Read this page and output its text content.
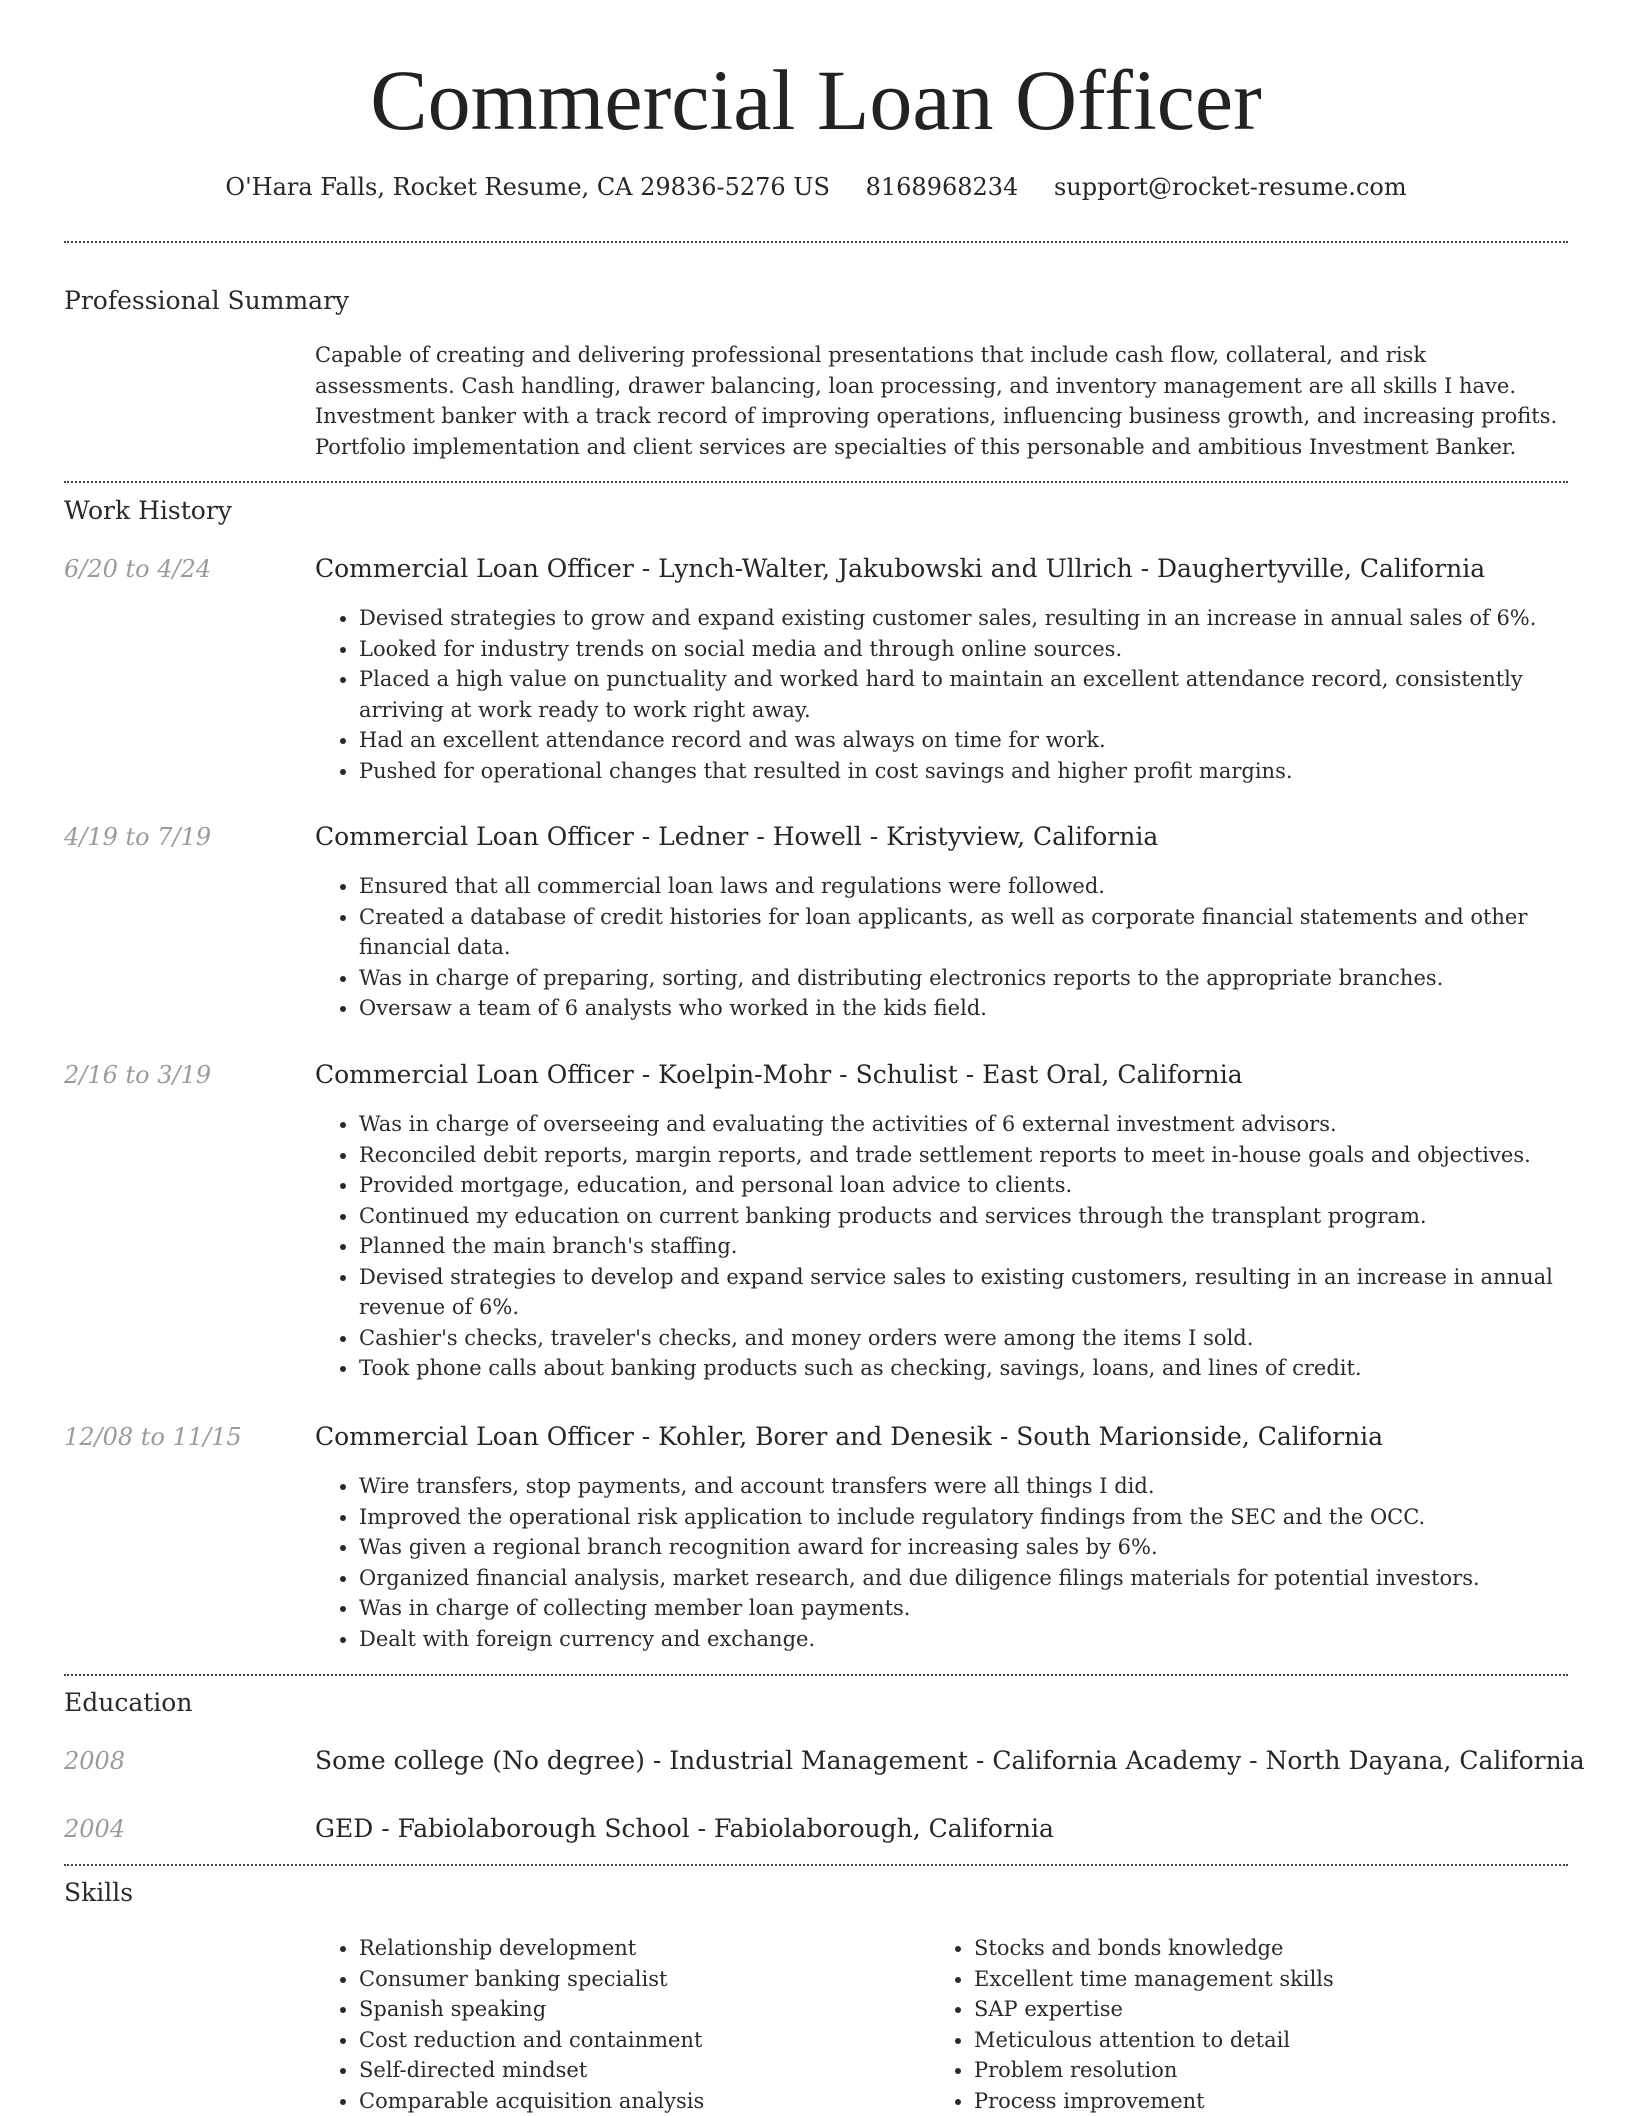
Commercial Loan Officer
O'Hara Falls, Rocket Resume, CA 29836-5276 US 8168968234 support@rocket-resume.com
Professional Summary

Capable of creating and delivering professional presentations that include cash flow, collateral, and risk assessments. Cash handling, drawer balancing, loan processing, and inventory management are all skills I have. Investment banker with a track record of improving operations, influencing business growth, and increasing profits. Portfolio implementation and client services are specialties of this personable and ambitious Investment Banker.

Work History
6/20 to 4/24	Commercial Loan Officer - Lynch-Walter, Jakubowski and Ullrich - Daughertyville, California
• Devised strategies to grow and expand existing customer sales, resulting in an increase in annual sales of 6%.
• Looked for industry trends on social media and through online sources.
• Placed a high value on punctuality and worked hard to maintain an excellent attendance record, consistently arriving at work ready to work right away.
• Had an excellent attendance record and was always on time for work.
• Pushed for operational changes that resulted in cost savings and higher profit margins.
4/19 to 7/19	Commercial Loan Officer - Ledner - Howell - Kristyview, California
• Ensured that all commercial loan laws and regulations were followed.
• Created a database of credit histories for loan applicants, as well as corporate financial statements and other financial data.
• Was in charge of preparing, sorting, and distributing electronics reports to the appropriate branches.
• Oversaw a team of 6 analysts who worked in the kids field.
2/16 to 3/19	Commercial Loan Officer - Koelpin-Mohr - Schulist - East Oral, California
• Was in charge of overseeing and evaluating the activities of 6 external investment advisors.
• Reconciled debit reports, margin reports, and trade settlement reports to meet in-house goals and objectives.
• Provided mortgage, education, and personal loan advice to clients.
• Continued my education on current banking products and services through the transplant program.
• Planned the main branch's staffing.
• Devised strategies to develop and expand service sales to existing customers, resulting in an increase in annual revenue of 6%.
• Cashier's checks, traveler's checks, and money orders were among the items I sold.
• Took phone calls about banking products such as checking, savings, loans, and lines of credit.
12/08 to 11/15	Commercial Loan Officer - Kohler, Borer and Denesik - South Marionside, California
• Wire transfers, stop payments, and account transfers were all things I did.
• Improved the operational risk application to include regulatory findings from the SEC and the OCC.
• Was given a regional branch recognition award for increasing sales by 6%.
• Organized financial analysis, market research, and due diligence filings materials for potential investors.
• Was in charge of collecting member loan payments.
• Dealt with foreign currency and exchange.
Education
2008	Some college (No degree) - Industrial Management - California Academy - North Dayana, California
2004	GED - Fabiolaborough School - Fabiolaborough, California
Skills
• Relationship development
• Consumer banking specialist
• Spanish speaking
• Cost reduction and containment
• Self-directed mindset
• Comparable acquisition analysis
• Stocks and bonds knowledge
• Excellent time management skills
• SAP expertise
• Meticulous attention to detail
• Problem resolution
• Process improvement
